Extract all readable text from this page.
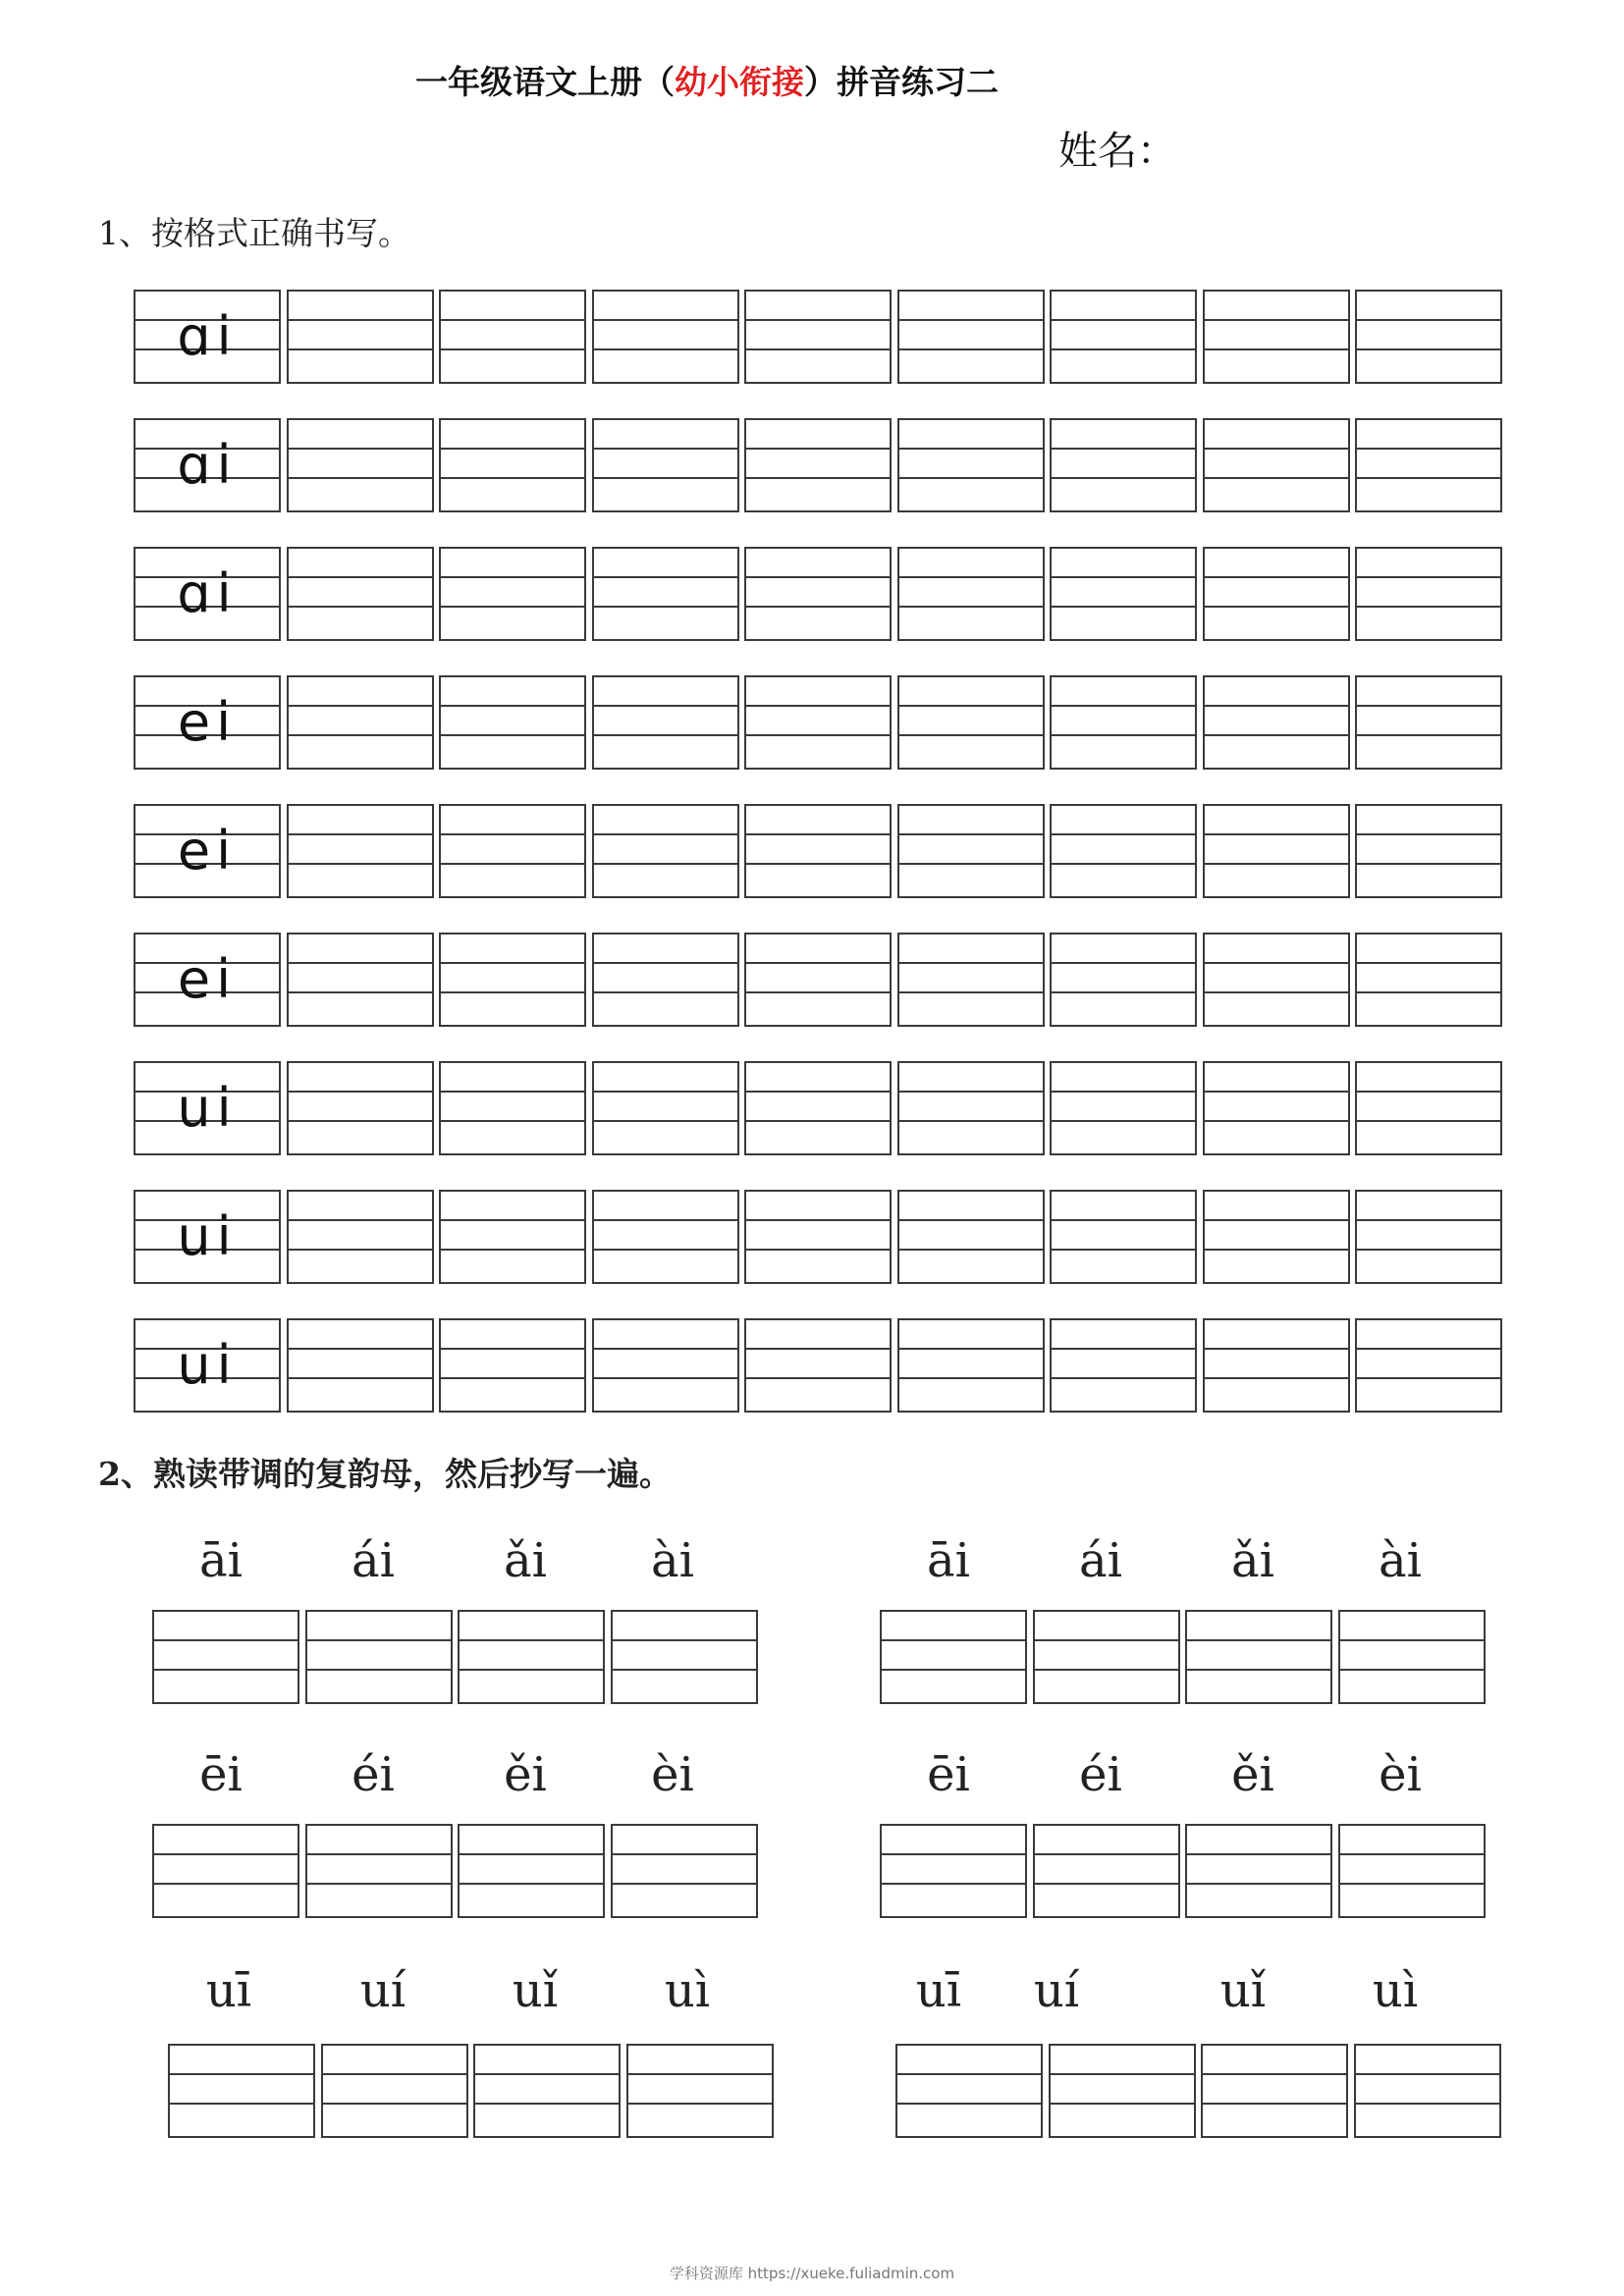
一年级语文上册（幼小衔接）拼音练习二
姓名：
1、按格式正确书写。
ɑi
ɑi
ɑi
ei
ei
ei
ui
ui
ui
2、熟读带调的复韵母，然后抄写一遍。
āi	ái	ǎi	ài
ēi	éi	ěi	èi
uī	uí	uǐ	uì
āi	ái	ǎi	ài
ēi	éi	ěi	èi
uī	uí	uǐ	uì
学科资源库 https://xueke.fuliadmin.com
